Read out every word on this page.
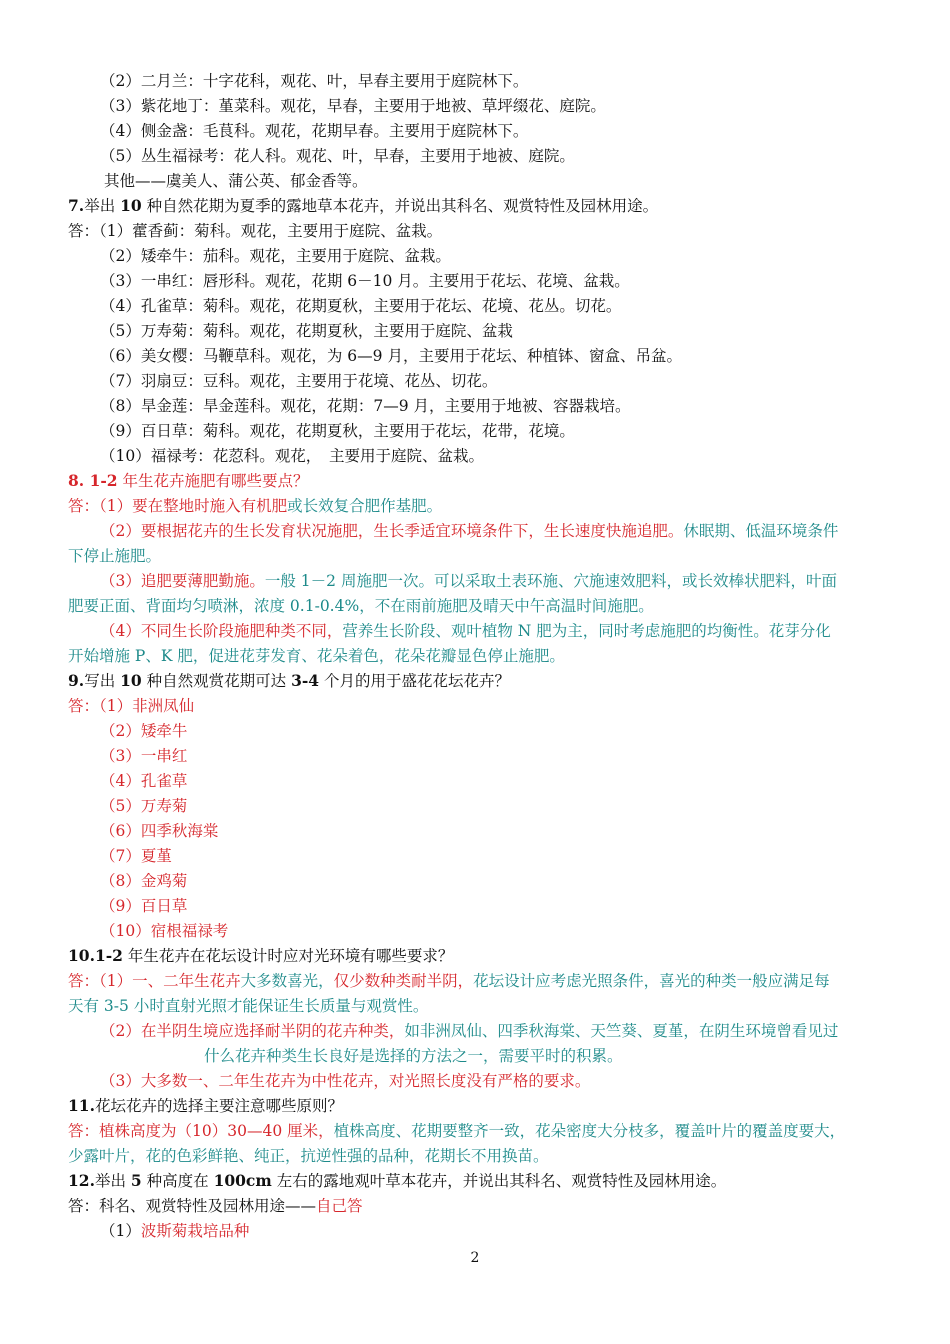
（2）二月兰：十字花科，观花、叶，早春主要用于庭院林下。
（3）紫花地丁：堇菜科。观花，早春，主要用于地被、草坪缀花、庭院。
（4）侧金盏：毛茛科。观花，花期早春。主要用于庭院林下。
（5）丛生福禄考：花人科。观花、叶，早春，主要用于地被、庭院。
其他——虞美人、蒲公英、郁金香等。
7.举出 10 种自然花期为夏季的露地草本花卉，并说出其科名、观赏特性及园林用途。
答：（1）藿香蓟：菊科。观花，主要用于庭院、盆栽。
（2）矮牵牛：茄科。观花，主要用于庭院、盆栽。
（3）一串红：唇形科。观花，花期 6－10 月。主要用于花坛、花境、盆栽。
（4）孔雀草：菊科。观花，花期夏秋，主要用于花坛、花境、花丛。切花。
（5）万寿菊：菊科。观花，花期夏秋，主要用于庭院、盆栽
（6）美女樱：马鞭草科。观花，为 6—9 月，主要用于花坛、种植钵、窗盒、吊盆。
（7）羽扇豆：豆科。观花，主要用于花境、花丛、切花。
（8）旱金莲：旱金莲科。观花，花期：7—9 月，主要用于地被、容器栽培。
（9）百日草：菊科。观花，花期夏秋，主要用于花坛，花带，花境。
（10）福禄考：花荵科。观花，　主要用于庭院、盆栽。
8. 1-2 年生花卉施肥有哪些要点？
答：（1）要在整地时施入有机肥或长效复合肥作基肥。
（2）要根据花卉的生长发育状况施肥，生长季适宜环境条件下，生长速度快施追肥。休眠期、低温环境条件
下停止施肥。
（3）追肥要薄肥勤施。一般 1－2 周施肥一次。可以采取土表环施、穴施速效肥料，或长效棒状肥料，叶面
肥要正面、背面均匀喷淋，浓度 0.1-0.4%，不在雨前施肥及晴天中午高温时间施肥。
（4）不同生长阶段施肥种类不同，营养生长阶段、观叶植物 N 肥为主，同时考虑施肥的均衡性。花芽分化
开始增施 P、K 肥，促进花芽发育、花朵着色，花朵花瓣显色停止施肥。
9.写出 10 种自然观赏花期可达 3-4 个月的用于盛花花坛花卉？
答：（1）非洲凤仙
（2）矮牵牛
（3）一串红
（4）孔雀草
（5）万寿菊
（6）四季秋海棠
（7）夏堇
（8）金鸡菊
（9）百日草
（10）宿根福禄考
10.1-2 年生花卉在花坛设计时应对光环境有哪些要求？
答：（1）一、二年生花卉大多数喜光，仅少数种类耐半阴，花坛设计应考虑光照条件，喜光的种类一般应满足每
天有 3-5 小时直射光照才能保证生长质量与观赏性。
（2）在半阴生境应选择耐半阴的花卉种类，如非洲凤仙、四季秋海棠、天竺葵、夏堇，在阴生环境曾看见过
什么花卉种类生长良好是选择的方法之一，需要平时的积累。
（3）大多数一、二年生花卉为中性花卉，对光照长度没有严格的要求。
11.花坛花卉的选择主要注意哪些原则？
答：植株高度为（10）30—40 厘米，植株高度、花期要整齐一致，花朵密度大分枝多，覆盖叶片的覆盖度要大，
少露叶片，花的色彩鲜艳、纯正，抗逆性强的品种，花期长不用换苗。
12.举出 5 种高度在 100cm 左右的露地观叶草本花卉，并说出其科名、观赏特性及园林用途。
答：科名、观赏特性及园林用途——自己答
（1）波斯菊栽培品种
2
